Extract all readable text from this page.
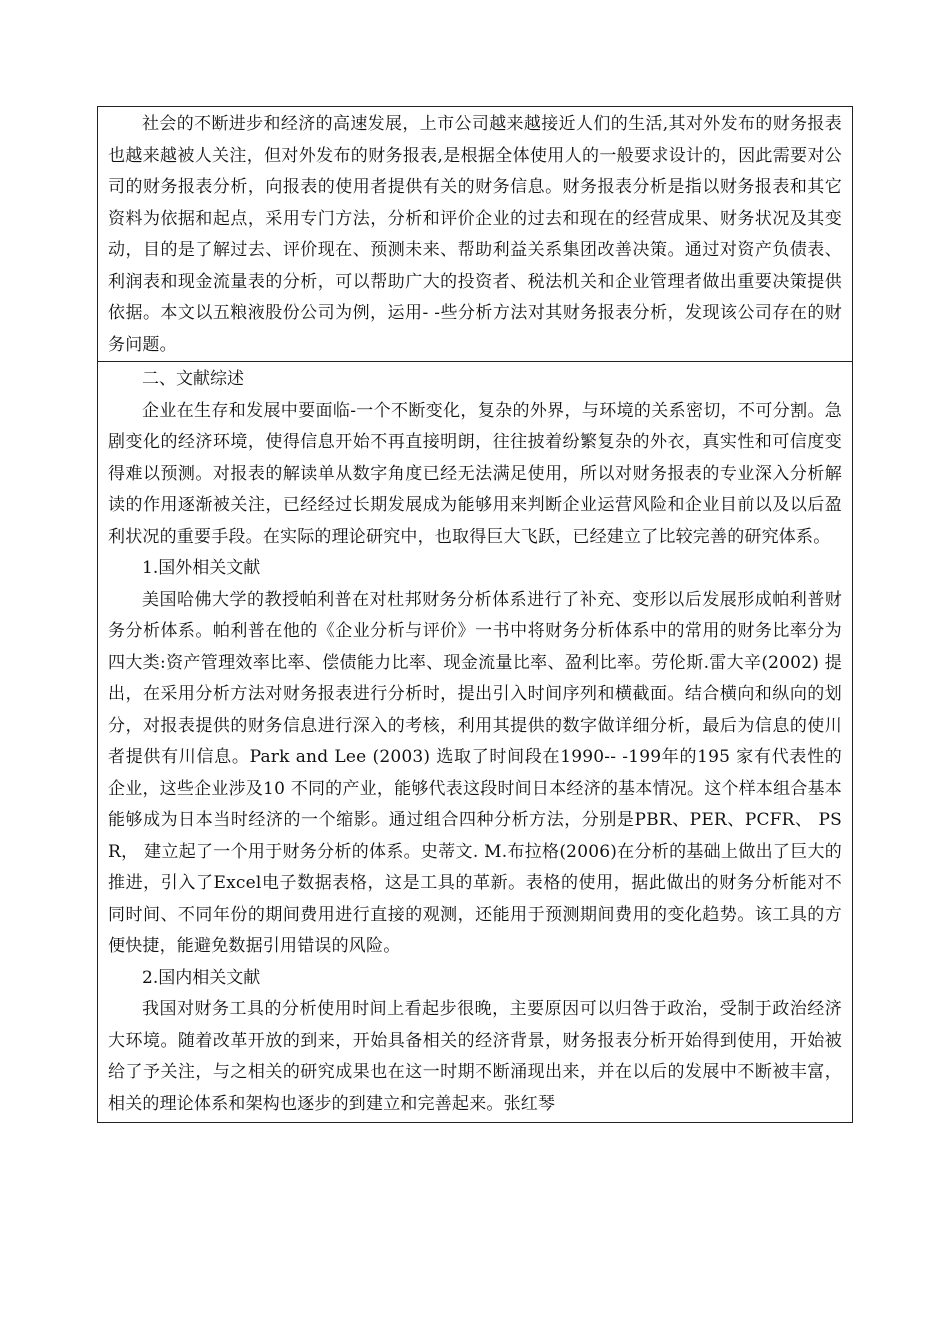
社会的不断进步和经济的高速发展，上市公司越来越接近人们的生活,其对外发布的财务报表也越来越被人关注，但对外发布的财务报表,是根据全体使用人的一般要求设计的，因此需要对公司的财务报表分析，向报表的使用者提供有关的财务信息。财务报表分析是指以财务报表和其它资料为依据和起点，采用专门方法，分析和评价企业的过去和现在的经营成果、财务状况及其变动，目的是了解过去、评价现在、预测未来、帮助利益关系集团改善决策。通过对资产负债表、利润表和现金流量表的分析，可以帮助广大的投资者、税法机关和企业管理者做出重要决策提供依据。本文以五粮液股份公司为例，运用- -些分析方法对其财务报表分析，发现该公司存在的财务问题。

二、文献综述

企业在生存和发展中要面临-一个不断变化，复杂的外界，与环境的关系密切，不可分割。急剧变化的经济环境，使得信息开始不再直接明朗，往往披着纷繁复杂的外衣，真实性和可信度变得难以预测。对报表的解读单从数字角度已经无法满足使用，所以对财务报表的专业深入分析解读的作用逐渐被关注，已经经过长期发展成为能够用来判断企业运营风险和企业目前以及以后盈利状况的重要手段。在实际的理论研究中，也取得巨大飞跃，已经建立了比较完善的研究体系。

1.国外相关文献

美国哈佛大学的教授帕利普在对杜邦财务分析体系进行了补充、变形以后发展形成帕利普财务分析体系。帕利普在他的《企业分析与评价》一书中将财务分析体系中的常用的财务比率分为四大类:资产管理效率比率、偿债能力比率、现金流量比率、盈利比率。劳伦斯.雷大辛(2002) 提出，在采用分析方法对财务报表进行分析时，提出引入时间序列和横截面。结合横向和纵向的划分，对报表提供的财务信息进行深入的考核，利用其提供的数字做详细分析，最后为信息的使川者提供有川信息。Park and Lee (2003) 选取了时间段在1990-- -199年的195 家有代表性的企业，这些企业涉及10 不同的产业，能够代表这段时间日本经济的基本情况。这个样本组合基本能够成为日本当时经济的一个缩影。通过组合四种分析方法，分别是PBR、PER、PCFR、 PSR， 建立起了一个用于财务分析的体系。史蒂文. M.布拉格(2006)在分析的基础上做出了巨大的推进，引入了Excel电子数据表格，这是工具的革新。表格的使用，据此做出的财务分析能对不同时间、不同年份的期间费用进行直接的观测，还能用于预测期间费用的变化趋势。该工具的方便快捷，能避免数据引用错误的风险。

2.国内相关文献

我国对财务工具的分析使用时间上看起步很晚，主要原因可以归咎于政治，受制于政治经济大环境。随着改革开放的到来，开始具备相关的经济背景，财务报表分析开始得到使用，开始被给了予关注，与之相关的研究成果也在这一时期不断涌现出来，并在以后的发展中不断被丰富，相关的理论体系和架构也逐步的到建立和完善起来。张红琴
